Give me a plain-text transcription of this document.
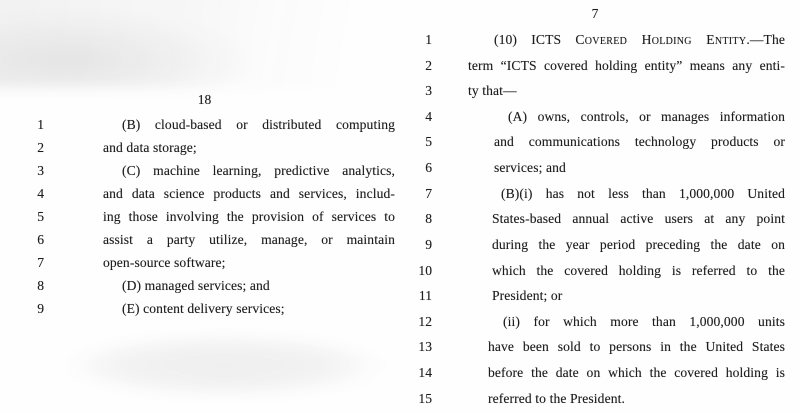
18
1	(B) cloud-based or distributed computing
2	and data storage;
3	(C) machine learning, predictive analytics,
4	and data science products and services, includ-
5	ing those involving the provision of services to
6	assist a party utilize, manage, or maintain
7	open-source software;
8	(D) managed services; and
9	(E) content delivery services;
7
1	(10) ICTS Covered Holding Entity.—The
2	term “ICTS covered holding entity” means any enti-
3	ty that—
4	(A) owns, controls, or manages information
5	and communications technology products or
6	services; and
7	(B)(i) has not less than 1,000,000 United
8	States-based annual active users at any point
9	during the year period preceding the date on
10	which the covered holding is referred to the
11	President; or
12	(ii) for which more than 1,000,000 units
13	have been sold to persons in the United States
14	before the date on which the covered holding is
15	referred to the President.
